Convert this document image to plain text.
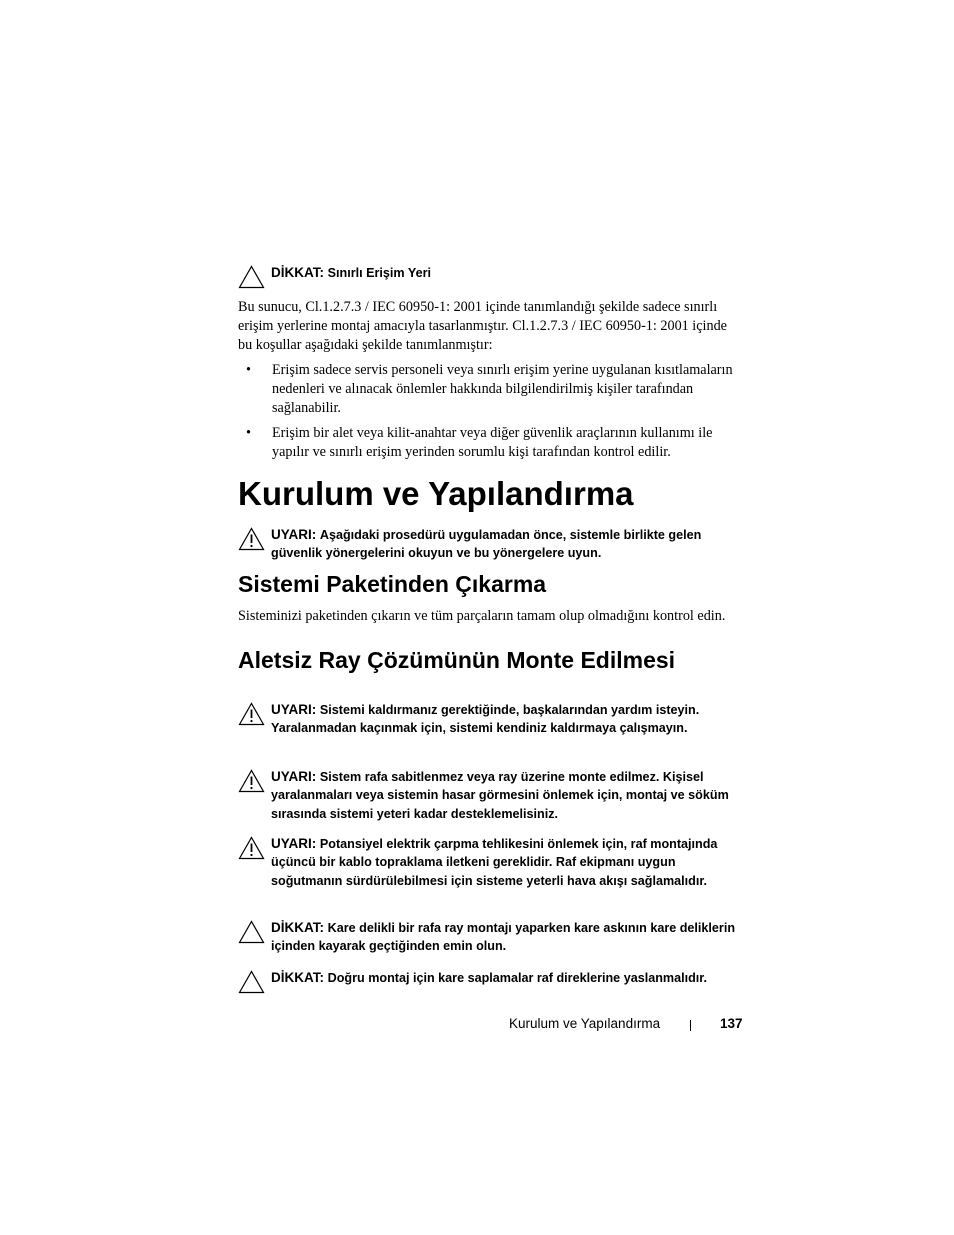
DİKKAT: Sınırlı Erişim Yeri
Bu sunucu, Cl.1.2.7.3 / IEC 60950-1: 2001 içinde tanımlandığı şekilde sadece sınırlı erişim yerlerine montaj amacıyla tasarlanmıştır. Cl.1.2.7.3 / IEC 60950-1: 2001 içinde bu koşullar aşağıdaki şekilde tanımlanmıştır:
• Erişim sadece servis personeli veya sınırlı erişim yerine uygulanan kısıtlamaların nedenleri ve alınacak önlemler hakkında bilgilendirilmiş kişiler tarafından sağlanabilir.
• Erişim bir alet veya kilit-anahtar veya diğer güvenlik araçlarının kullanımı ile yapılır ve sınırlı erişim yerinden sorumlu kişi tarafından kontrol edilir.
Kurulum ve Yapılandırma
UYARI: Aşağıdaki prosedürü uygulamadan önce, sistemle birlikte gelen güvenlik yönergelerini okuyun ve bu yönergelere uyun.
Sistemi Paketinden Çıkarma
Sisteminizi paketinden çıkarın ve tüm parçaların tamam olup olmadığını kontrol edin.
Aletsiz Ray Çözümünün Monte Edilmesi
UYARI: Sistemi kaldırmanız gerektiğinde, başkalarından yardım isteyin. Yaralanmadan kaçınmak için, sistemi kendiniz kaldırmaya çalışmayın.
UYARI: Sistem rafa sabitlenmez veya ray üzerine monte edilmez. Kişisel yaralanmaları veya sistemin hasar görmesini önlemek için, montaj ve söküm sırasında sistemi yeteri kadar desteklemelisiniz.
UYARI: Potansiyel elektrik çarpma tehlikesini önlemek için, raf montajında üçüncü bir kablo topraklama iletkeni gereklidir. Raf ekipmanı uygun soğutmanın sürdürülebilmesi için sisteme yeterli hava akışı sağlamalıdır.
DİKKAT: Kare delikli bir rafa ray montajı yaparken kare askının kare deliklerin içinden kayarak geçtiğinden emin olun.
DİKKAT: Doğru montaj için kare saplamalar raf direklerine yaslanmalıdır.
Kurulum ve Yapılandırma	137
